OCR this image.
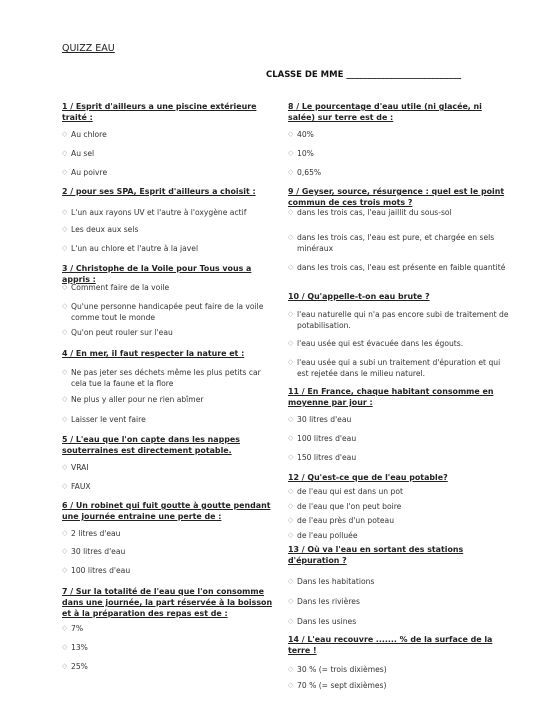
QUIZZ EAU
CLASSE DE MME ___________________________
1 / Esprit d'ailleurs a une piscine extérieure traité :
◇ Au chlore
◇ Au sel
◇ Au poivre
2 / pour ses SPA, Esprit d'ailleurs a choisit :
◇ L'un aux rayons UV et l'autre à l'oxygène actif
◇ Les deux aux sels
◇ L'un au chlore et l'autre à la javel
3 / Christophe de la Voile pour Tous vous a appris :
◇ Comment faire de la voile
◇ Qu'une personne handicapée peut faire de la voile comme tout le monde
◇ Qu'on peut rouler sur l'eau
4 / En mer, il faut respecter la nature et :
◇ Ne pas jeter ses déchets même les plus petits car cela tue la faune et la flore
◇ Ne plus y aller pour ne rien abîmer
◇ Laisser le vent faire
5 / L'eau que l'on capte dans les nappes souterraines est directement potable.
◇ VRAI
◇ FAUX
6 / Un robinet qui fuit goutte à goutte pendant une journée entraine une perte de :
◇ 2 litres d'eau
◇ 30 litres d'eau
◇ 100 litres d'eau
7 / Sur la totalité de l'eau que l'on consomme dans une journée, la part réservée à la boisson et à la préparation des repas est de :
◇ 7%
◇ 13%
◇ 25%
8 / Le pourcentage d'eau utile (ni glacée, ni salée) sur terre est de :
◇ 40%
◇ 10%
◇ 0,65%
9 / Geyser, source, résurgence : quel est le point commun de ces trois mots ?
◇ dans les trois cas, l'eau jaillit du sous-sol
◇ dans les trois cas, l'eau est pure, et chargée en sels minéraux
◇ dans les trois cas, l'eau est présente en faible quantité
10 / Qu'appelle-t-on eau brute ?
◇ l'eau naturelle qui n'a pas encore subi de traitement de potabilisation.
◇ l'eau usée qui est évacuée dans les égouts.
◇ l'eau usée qui a subi un traitement d'épuration et qui est rejetée dans le milieu naturel.
11 / En France, chaque habitant consomme en moyenne par jour :
◇ 30 litres d'eau
◇ 100 litres d'eau
◇ 150 litres d'eau
12 / Qu'est-ce que de l'eau potable?
◇ de l'eau qui est dans un pot
◇ de l'eau que l'on peut boire
◇ de l'eau près d'un poteau
◇ de l'eau polluée
13 / Où va l'eau en sortant des stations d'épuration ?
◇ Dans les habitations
◇ Dans les rivières
◇ Dans les usines
14 / L'eau recouvre ....... % de la surface de la terre !
◇ 30 % (= trois dixièmes)
◇ 70 % (= sept dixièmes)
